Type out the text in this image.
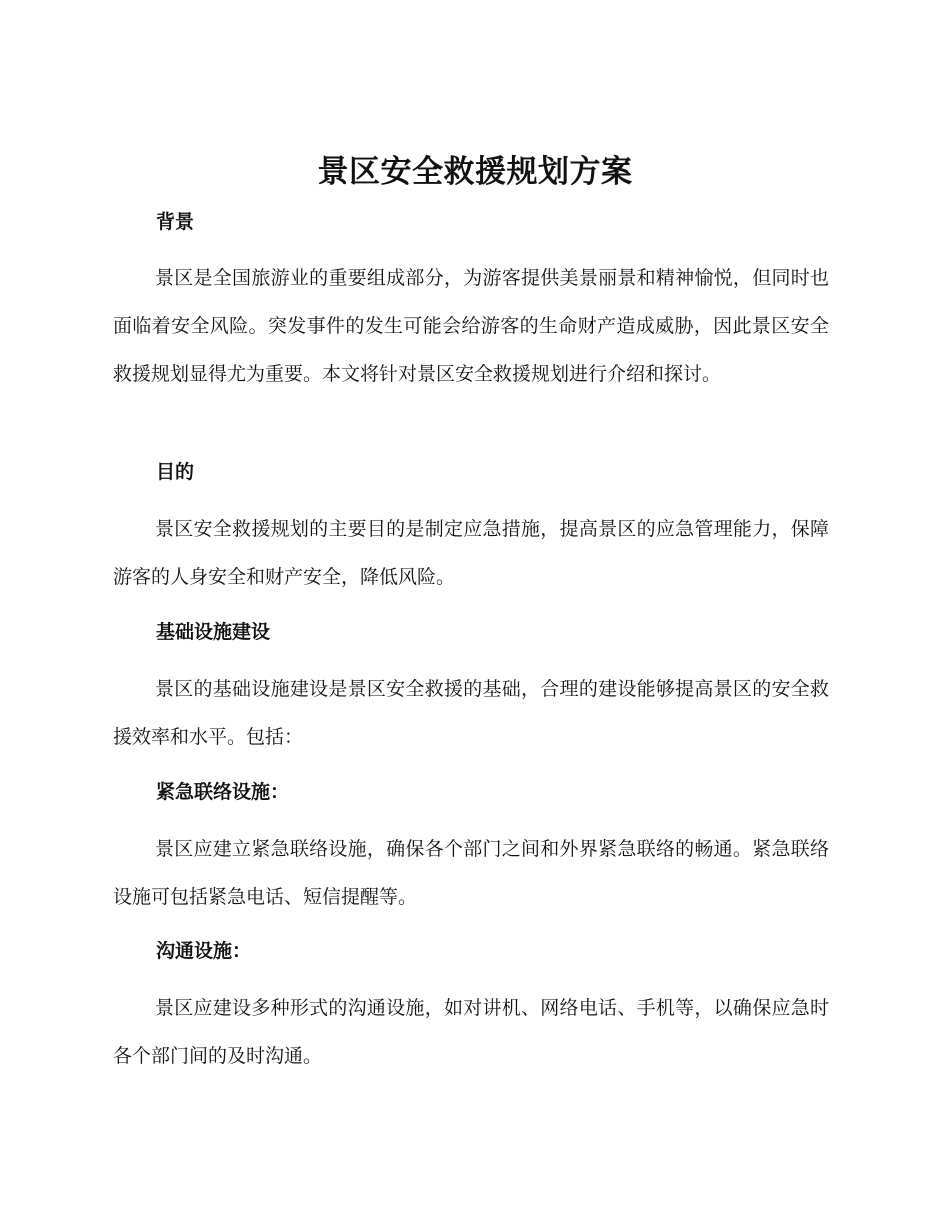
景区安全救援规划方案
背景

景区是全国旅游业的重要组成部分，为游客提供美景丽景和精神愉悦，但同时也面临着安全风险。突发事件的发生可能会给游客的生命财产造成威胁，因此景区安全救援规划显得尤为重要。本文将针对景区安全救援规划进行介绍和探讨。

目的

景区安全救援规划的主要目的是制定应急措施，提高景区的应急管理能力，保障游客的人身安全和财产安全，降低风险。

基础设施建设

景区的基础设施建设是景区安全救援的基础，合理的建设能够提高景区的安全救援效率和水平。包括：

紧急联络设施：

景区应建立紧急联络设施，确保各个部门之间和外界紧急联络的畅通。紧急联络设施可包括紧急电话、短信提醒等。

沟通设施：

景区应建设多种形式的沟通设施，如对讲机、网络电话、手机等，以确保应急时各个部门间的及时沟通。
